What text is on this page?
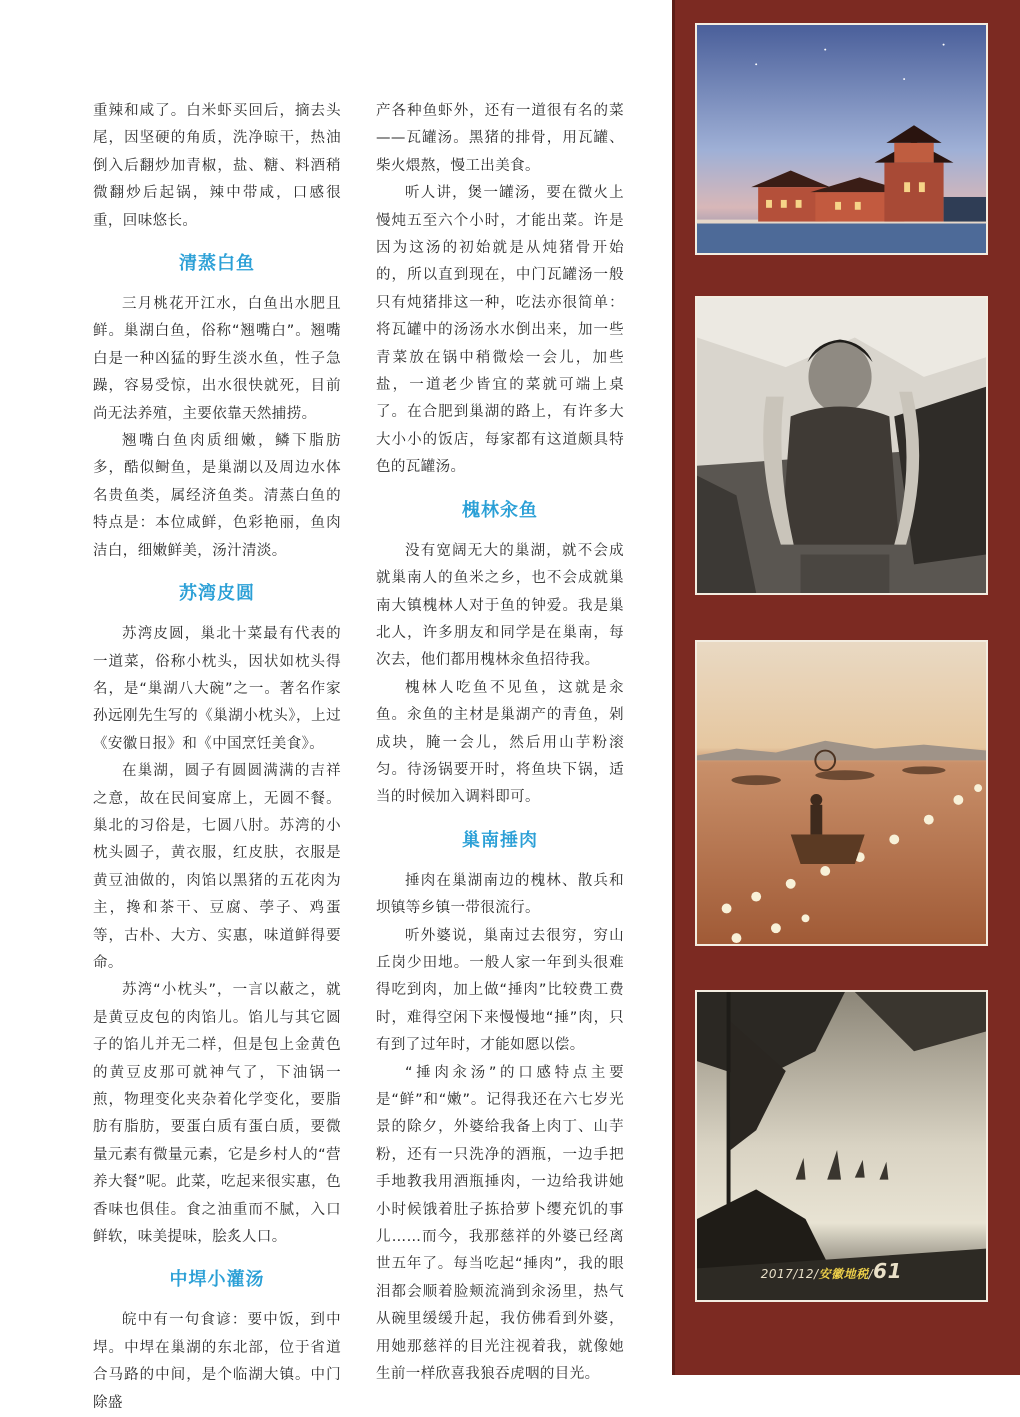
重辣和咸了。白米虾买回后，摘去头尾，因坚硬的角质，洗净晾干，热油倒入后翻炒加青椒，盐、糖、料酒稍微翻炒后起锅，辣中带咸，口感很重，回味悠长。

清蒸白鱼

三月桃花开江水，白鱼出水肥且鲜。巢湖白鱼，俗称“翘嘴白”。翘嘴白是一种凶猛的野生淡水鱼，性子急躁，容易受惊，出水很快就死，目前尚无法养殖，主要依靠天然捕捞。

翘嘴白鱼肉质细嫩，鳞下脂肪多，酷似鲥鱼，是巢湖以及周边水体名贵鱼类，属经济鱼类。清蒸白鱼的特点是：本位咸鲜，色彩艳丽，鱼肉洁白，细嫩鲜美，汤汁清淡。

苏湾皮圆

苏湾皮圆，巢北十菜最有代表的一道菜，俗称小枕头，因状如枕头得名，是“巢湖八大碗”之一。著名作家孙远刚先生写的《巢湖小枕头》，上过《安徽日报》和《中国烹饪美食》。

在巢湖，圆子有圆圆满满的吉祥之意，故在民间宴席上，无圆不餐。巢北的习俗是，七圆八肘。苏湾的小枕头圆子，黄衣服，红皮肤，衣服是黄豆油做的，肉馅以黑猪的五花肉为主，搀和茶干、豆腐、荸子、鸡蛋等，古朴、大方、实惠，味道鲜得要命。

苏湾“小枕头”，一言以蔽之，就是黄豆皮包的肉馅儿。馅儿与其它圆子的馅儿并无二样，但是包上金黄色的黄豆皮那可就神气了，下油锅一煎，物理变化夹杂着化学变化，要脂肪有脂肪，要蛋白质有蛋白质，要微量元素有微量元素，它是乡村人的“营养大餐”呢。此菜，吃起来很实惠，色香味也俱佳。食之油重而不腻，入口鲜软，味美提味，脍炙人口。

中垾小灌汤

皖中有一句食谚：要中饭，到中垾。中垾在巢湖的东北部，位于省道合马路的中间，是个临湖大镇。中门除盛

产各种鱼虾外，还有一道很有名的菜——瓦罐汤。黑猪的排骨，用瓦罐、柴火煨熬，慢工出美食。

听人讲，煲一罐汤，要在微火上慢炖五至六个小时，才能出菜。许是因为这汤的初始就是从炖猪骨开始的，所以直到现在，中门瓦罐汤一般只有炖猪排这一种，吃法亦很简单：将瓦罐中的汤汤水水倒出来，加一些青菜放在锅中稍微烩一会儿，加些盐，一道老少皆宜的菜就可端上桌了。在合肥到巢湖的路上，有许多大大小小的饭店，每家都有这道颇具特色的瓦罐汤。

槐林汆鱼

没有宽阔无大的巢湖，就不会成就巢南人的鱼米之乡，也不会成就巢南大镇槐林人对于鱼的钟爱。我是巢北人，许多朋友和同学是在巢南，每次去，他们都用槐林汆鱼招待我。

槐林人吃鱼不见鱼，这就是汆鱼。汆鱼的主材是巢湖产的青鱼，剁成块，腌一会儿，然后用山芋粉滚匀。待汤锅要开时，将鱼块下锅，适当的时候加入调料即可。

巢南捶肉

捶肉在巢湖南边的槐林、散兵和坝镇等乡镇一带很流行。

听外婆说，巢南过去很穷，穷山丘岗少田地。一般人家一年到头很难得吃到肉，加上做“捶肉”比较费工费时，难得空闲下来慢慢地“捶”肉，只有到了过年时，才能如愿以偿。

“捶肉汆汤”的口感特点主要是“鲜”和“嫩”。记得我还在六七岁光景的除夕，外婆给我备上肉丁、山芋粉，还有一只洗净的酒瓶，一边手把手地教我用酒瓶捶肉，一边给我讲她小时候饿着肚子拣拾萝卜缨充饥的事儿……而今，我那慈祥的外婆已经离世五年了。每当吃起“捶肉”，我的眼泪都会顺着脸颊流淌到汆汤里，热气从碗里缓缓升起，我仿佛看到外婆，用她那慈祥的目光注视着我，就像她生前一样欣喜我狼吞虎咽的目光。

2017/12/安徽地税/61
